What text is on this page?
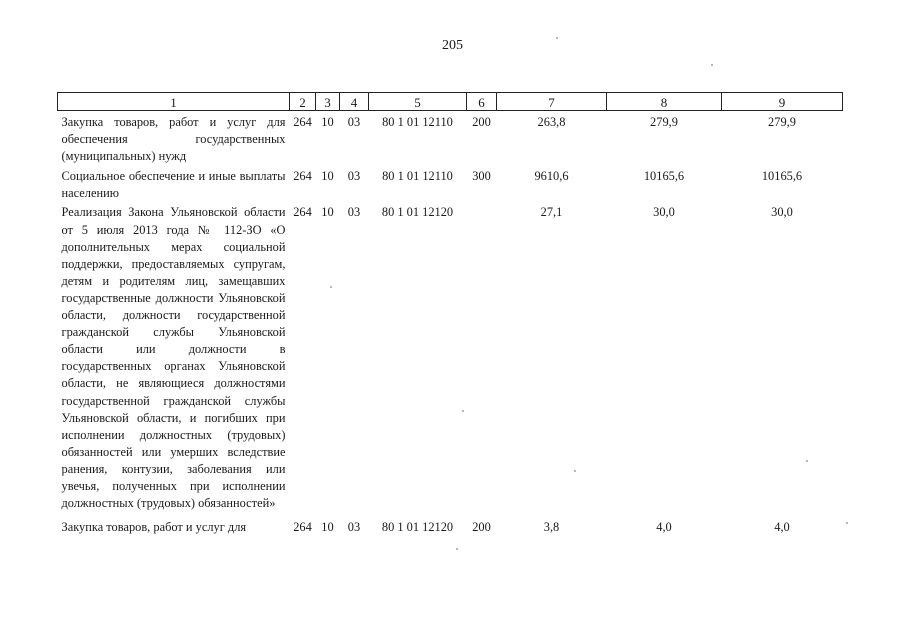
205
1	2	3	4	5	6	7	8	9
Закупка товаров, работ и услуг для обеспечения государственных (муниципальных) нужд	264	10	03	80 1 01 12110	200	263,8	279,9	279,9
Социальное обеспечение и иные выплаты населению	264	10	03	80 1 01 12110	300	9610,6	10165,6	10165,6
Реализация Закона Ульяновской области от 5 июля 2013 года № 112-ЗО «О дополнительных мерах социальной поддержки, предоставляемых супругам, детям и родителям лиц, замещавших государственные должности Ульяновской области, должности государственной гражданской службы Ульяновской области или должности в государственных органах Ульяновской области, не являющиеся должностями государственной гражданской службы Ульяновской области, и погибших при исполнении должностных (трудовых) обязанностей или умерших вследствие ранения, контузии, заболевания или увечья, полученных при исполнении должностных (трудовых) обязанностей»	264	10	03	80 1 01 12120		27,1	30,0	30,0
Закупка товаров, работ и услуг для	264	10	03	80 1 01 12120	200	3,8	4,0	4,0
